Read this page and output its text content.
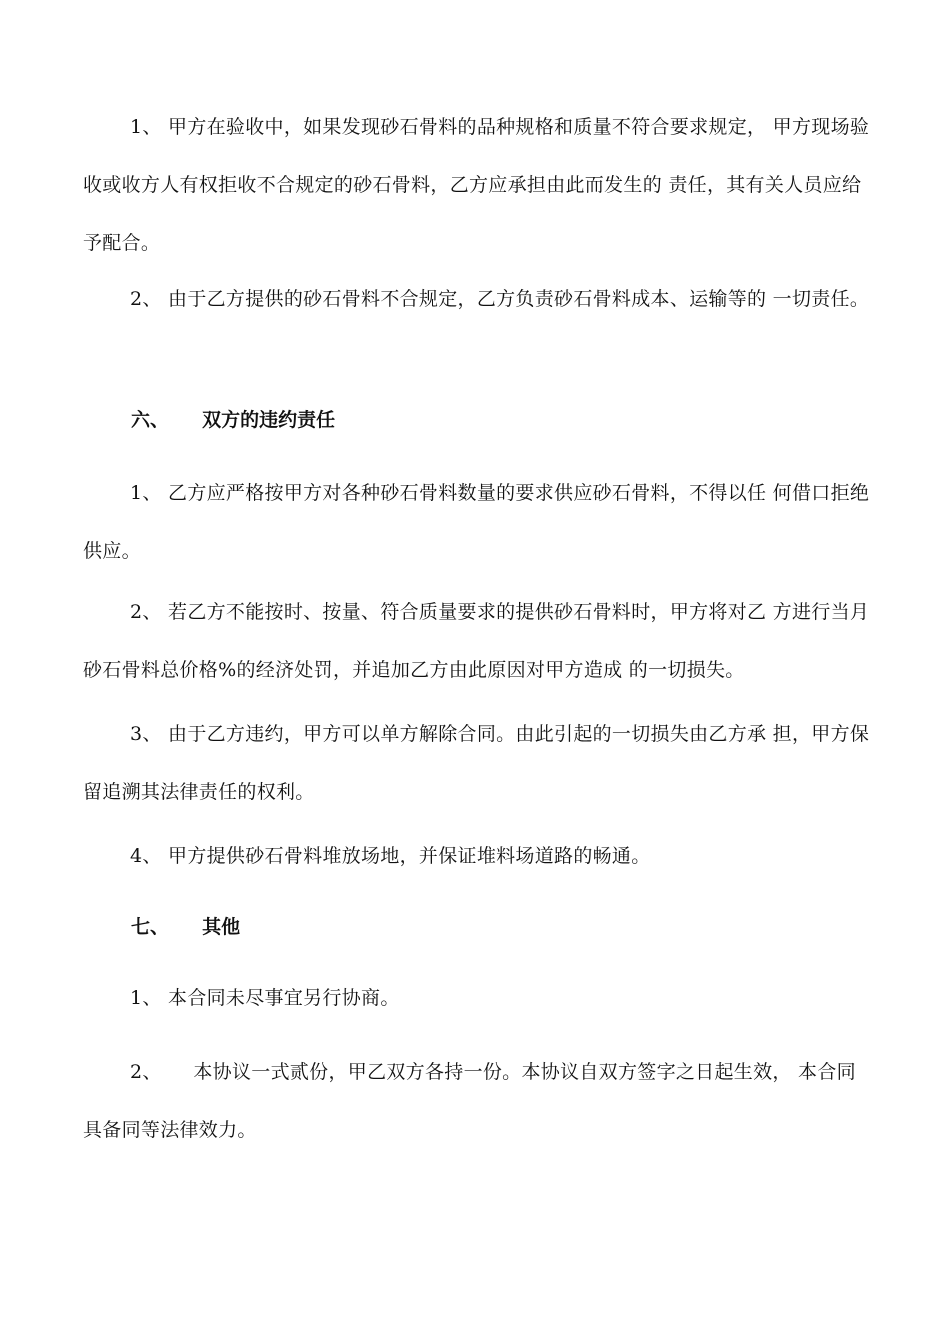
1、 甲方在验收中，如果发现砂石骨料的品种规格和质量不符合要求规定， 甲方现场验收或收方人有权拒收不合规定的砂石骨料，乙方应承担由此而发生的 责任，其有关人员应给予配合。

2、 由于乙方提供的砂石骨料不合规定，乙方负责砂石骨料成本、运输等的 一切责任。

六、     双方的违约责任

1、 乙方应严格按甲方对各种砂石骨料数量的要求供应砂石骨料，不得以任 何借口拒绝供应。

2、 若乙方不能按时、按量、符合质量要求的提供砂石骨料时，甲方将对乙 方进行当月砂石骨料总价格%的经济处罚，并追加乙方由此原因对甲方造成 的一切损失。

3、 由于乙方违约，甲方可以单方解除合同。由此引起的一切损失由乙方承 担，甲方保留追溯其法律责任的权利。

4、 甲方提供砂石骨料堆放场地，并保证堆料场道路的畅通。

七、     其他

1、 本合同未尽事宜另行协商。

2、     本协议一式贰份，甲乙双方各持一份。本协议自双方签字之日起生效， 本合同具备同等法律效力。
